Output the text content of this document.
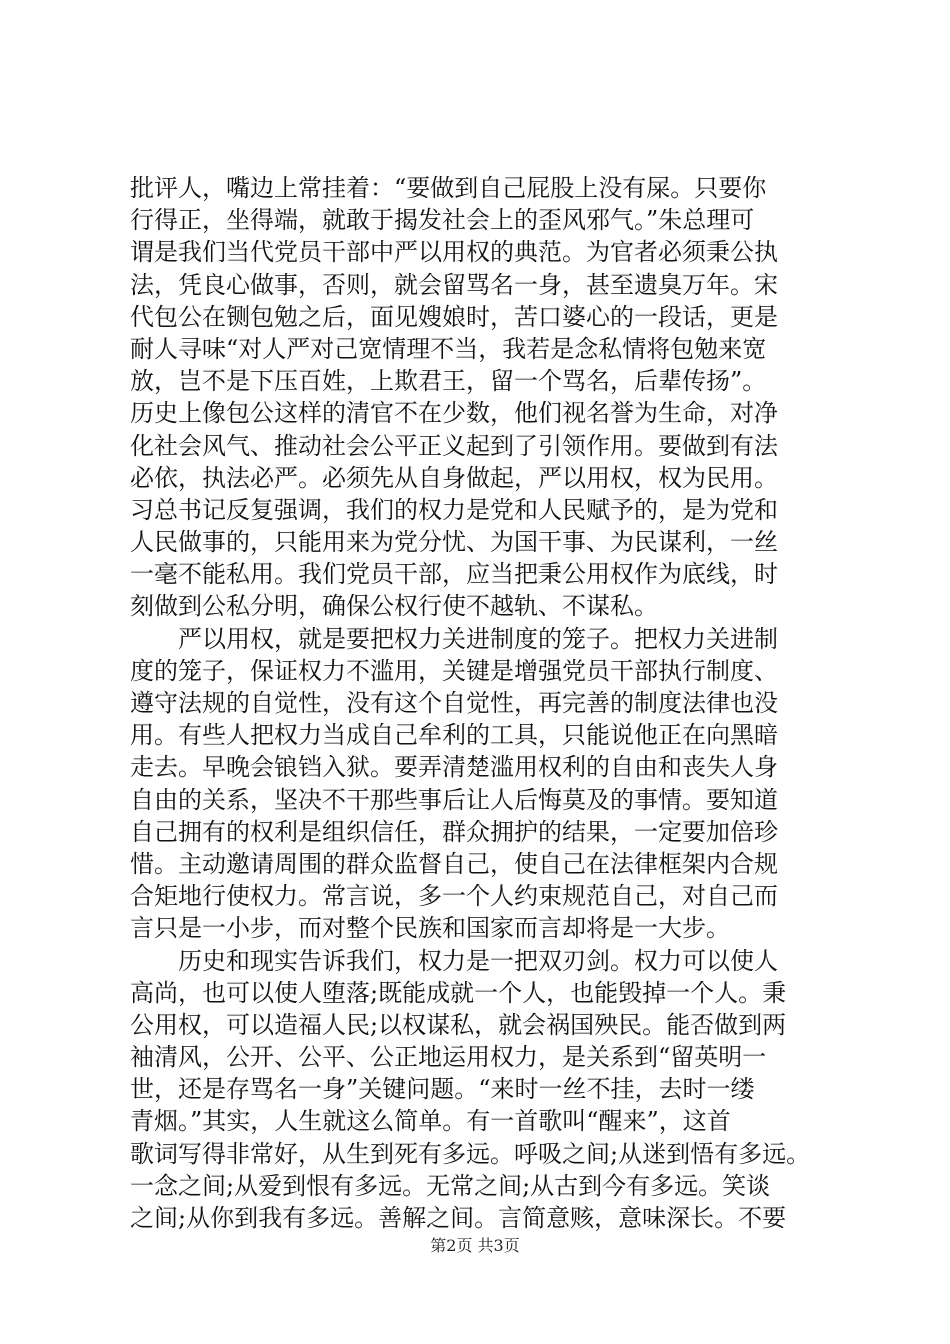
批评人，嘴边上常挂着：“要做到自己屁股上没有屎。只要你
行得正，坐得端，就敢于揭发社会上的歪风邪气。”朱总理可
谓是我们当代党员干部中严以用权的典范。为官者必须秉公执
法，凭良心做事，否则，就会留骂名一身，甚至遗臭万年。宋
代包公在铡包勉之后，面见嫂娘时，苦口婆心的一段话，更是
耐人寻味“对人严对己宽情理不当，我若是念私情将包勉来宽
放，岂不是下压百姓，上欺君王，留一个骂名，后辈传扬”。
历史上像包公这样的清官不在少数，他们视名誉为生命，对净
化社会风气、推动社会公平正义起到了引领作用。要做到有法
必依，执法必严。必须先从自身做起，严以用权，权为民用。
习总书记反复强调，我们的权力是党和人民赋予的，是为党和
人民做事的，只能用来为党分忧、为国干事、为民谋利，一丝
一毫不能私用。我们党员干部，应当把秉公用权作为底线，时
刻做到公私分明，确保公权行使不越轨、不谋私。
　　严以用权，就是要把权力关进制度的笼子。把权力关进制
度的笼子，保证权力不滥用，关键是增强党员干部执行制度、
遵守法规的自觉性，没有这个自觉性，再完善的制度法律也没
用。有些人把权力当成自己牟利的工具，只能说他正在向黑暗
走去。早晚会锒铛入狱。要弄清楚滥用权利的自由和丧失人身
自由的关系，坚决不干那些事后让人后悔莫及的事情。要知道
自己拥有的权利是组织信任，群众拥护的结果，一定要加倍珍
惜。主动邀请周围的群众监督自己，使自己在法律框架内合规
合矩地行使权力。常言说，多一个人约束规范自己，对自己而
言只是一小步，而对整个民族和国家而言却将是一大步。
　　历史和现实告诉我们，权力是一把双刃剑。权力可以使人
高尚，也可以使人堕落;既能成就一个人，也能毁掉一个人。秉
公用权，可以造福人民;以权谋私，就会祸国殃民。能否做到两
袖清风，公开、公平、公正地运用权力，是关系到“留英明一
世，还是存骂名一身”关键问题。“来时一丝不挂，去时一缕
青烟。”其实，人生就这么简单。有一首歌叫“醒来”，这首
歌词写得非常好，从生到死有多远。呼吸之间;从迷到悟有多远。
一念之间;从爱到恨有多远。无常之间;从古到今有多远。笑谈
之间;从你到我有多远。善解之间。言简意赅，意味深长。不要
第2页 共3页
